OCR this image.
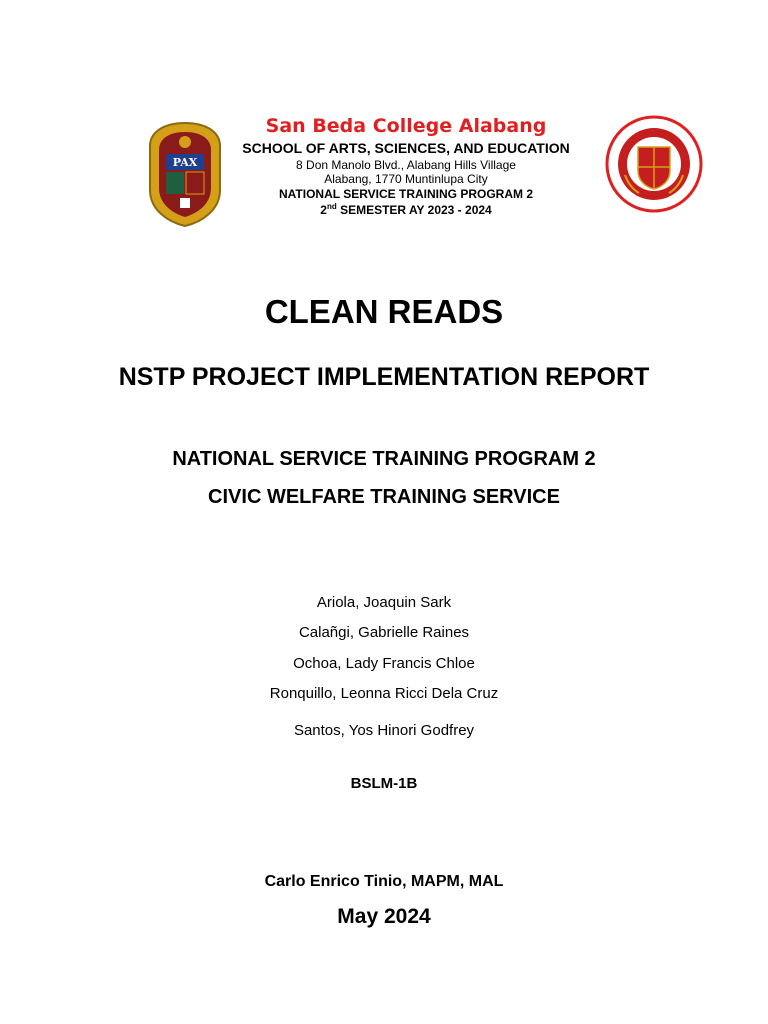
PAX
San Beda College Alabang
SCHOOL OF ARTS, SCIENCES, AND EDUCATION
8 Don Manolo Blvd., Alabang Hills Village
Alabang, 1770 Muntinlupa City
NATIONAL SERVICE TRAINING PROGRAM 2
2nd SEMESTER AY 2023 - 2024
CLEAN READS
NSTP PROJECT IMPLEMENTATION REPORT
NATIONAL SERVICE TRAINING PROGRAM 2
CIVIC WELFARE TRAINING SERVICE
Ariola, Joaquin Sark
Calañgi, Gabrielle Raines
Ochoa, Lady Francis Chloe
Ronquillo, Leonna Ricci Dela Cruz
Santos, Yos Hinori Godfrey
BSLM-1B
Carlo Enrico Tinio, MAPM, MAL
May 2024
